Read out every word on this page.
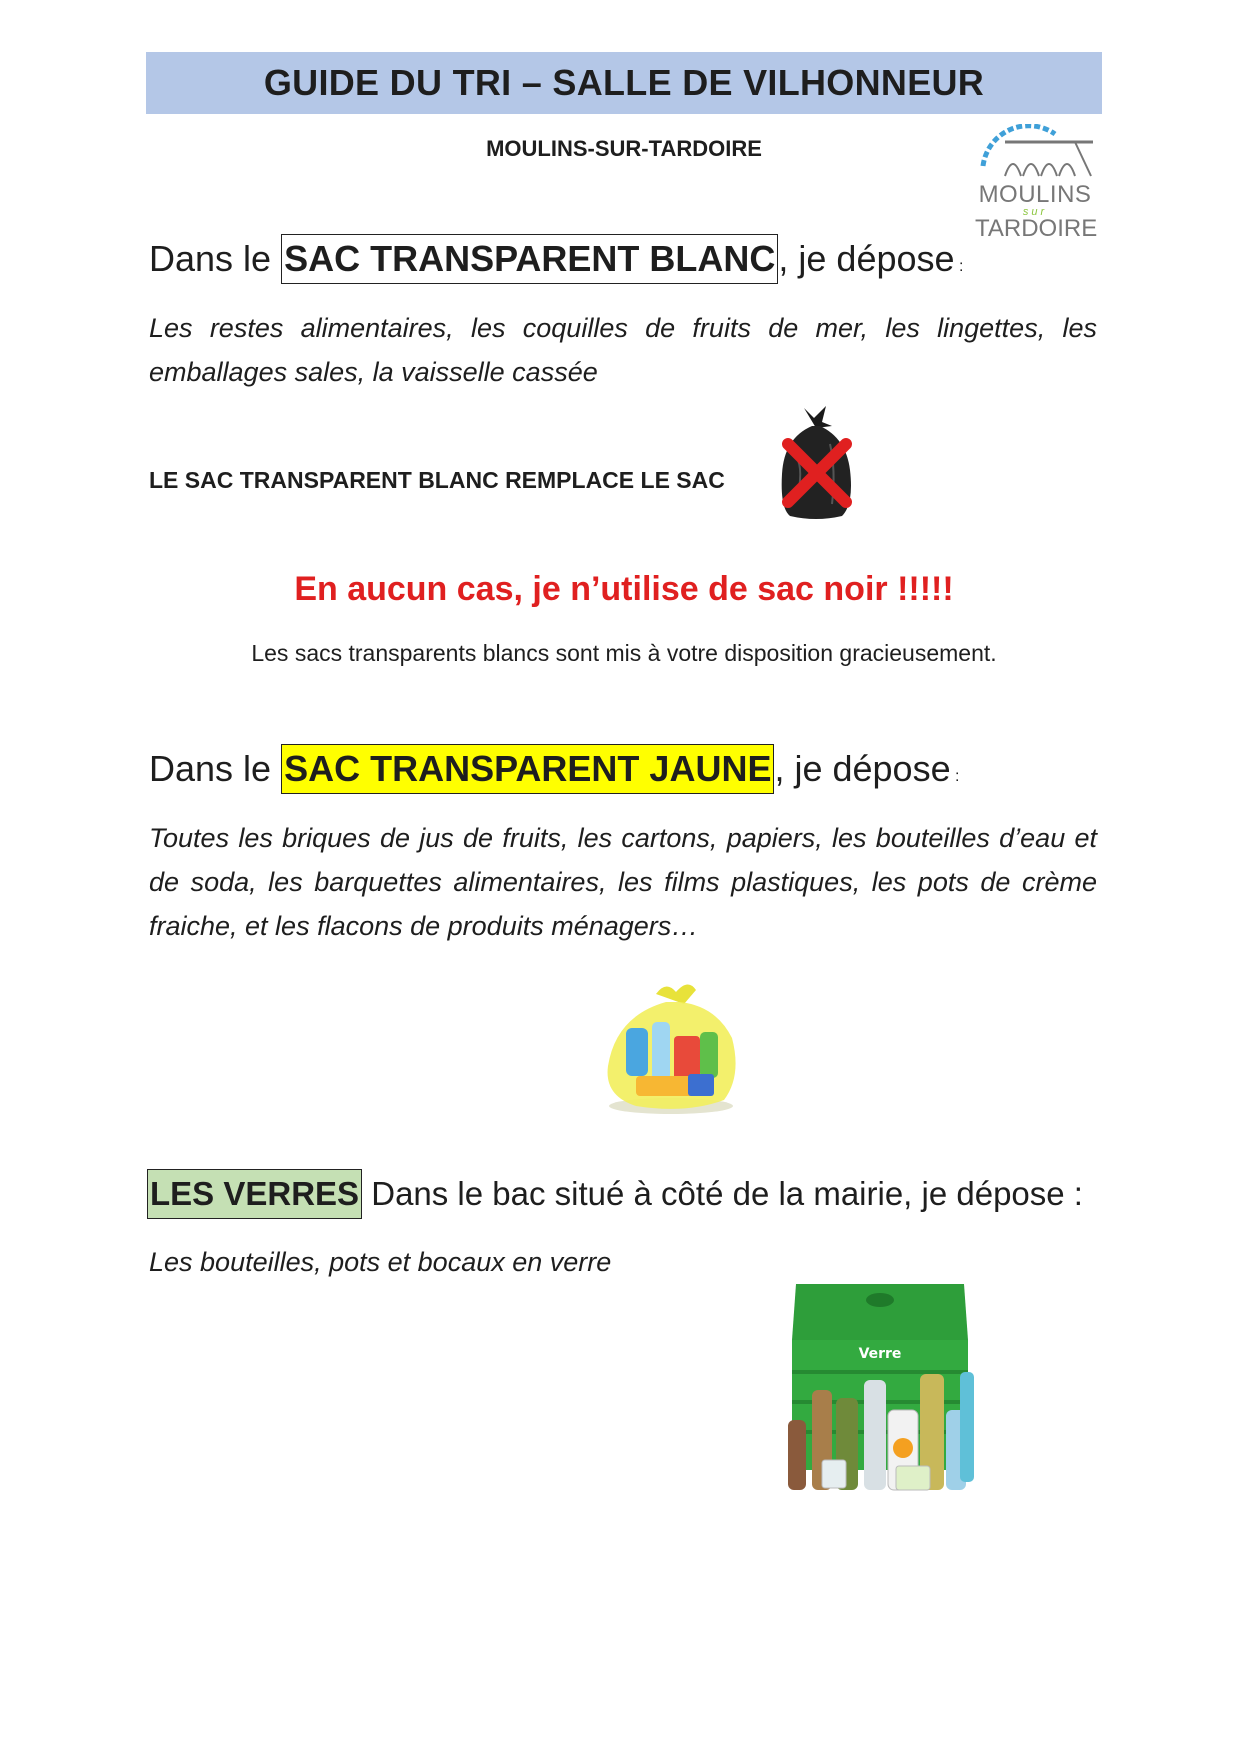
GUIDE DU TRI – SALLE DE VILHONNEUR
MOULINS-SUR-TARDOIRE
MOULINS
sur
TARDOIRE
Dans le SAC TRANSPARENT BLANC, je dépose :
Les restes alimentaires, les coquilles de fruits de mer, les lingettes, les emballages sales, la vaisselle cassée
LE SAC TRANSPARENT BLANC REMPLACE LE SAC
En aucun cas, je n’utilise de sac noir !!!!!
Les sacs transparents blancs sont mis à votre disposition gracieusement.
Dans le SAC TRANSPARENT JAUNE, je dépose :
Toutes les briques de jus de fruits, les cartons, papiers, les bouteilles d’eau et de soda, les barquettes alimentaires, les films plastiques, les pots de crème fraiche, et les flacons de produits ménagers…
LES VERRES Dans le bac situé à côté de la mairie, je dépose :
Les bouteilles, pots et bocaux en verre
Verre
